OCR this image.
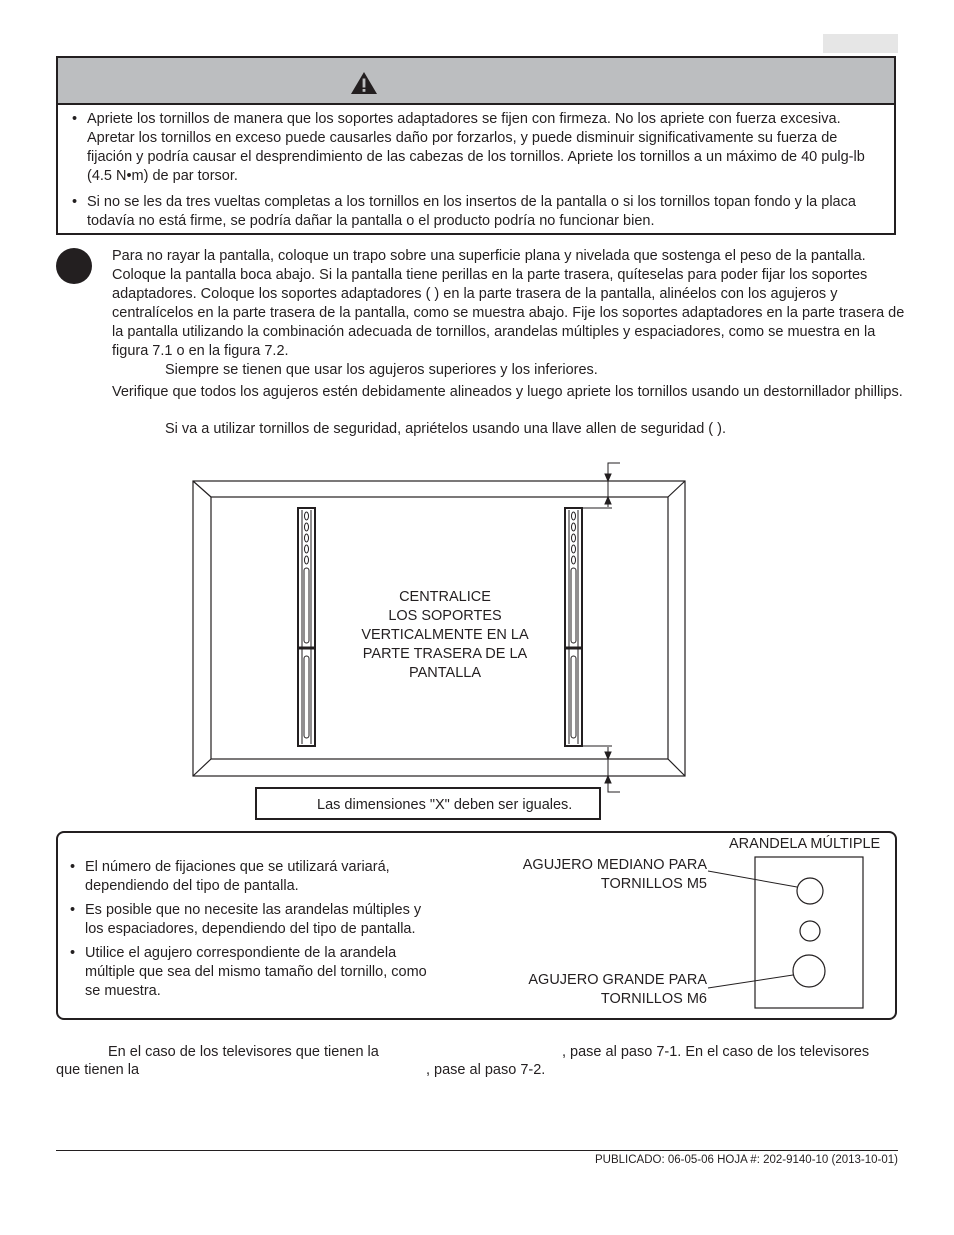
• Apriete los tornillos de manera que los soportes adaptadores se fijen con firmeza. No los apriete con fuerza excesiva. Apretar los tornillos en exceso puede causarles daño por forzarlos, y puede disminuir significativamente su fuerza de fijación y podría causar el desprendimiento de las cabezas de los tornillos. Apriete los tornillos a un máximo de 40 pulg-lb (4.5 N•m) de par torsor.
• Si no se les da tres vueltas completas a los tornillos en los insertos de la pantalla o si los tornillos topan fondo y la placa todavía no está firme, se podría dañar la pantalla o el producto podría no funcionar bien.
Para no rayar la pantalla, coloque un trapo sobre una superficie plana y nivelada que sostenga el peso de la pantalla. Coloque la pantalla boca abajo. Si la pantalla tiene perillas en la parte trasera, quíteselas para poder fijar los soportes adaptadores. Coloque los soportes adaptadores ( ) en la parte trasera de la pantalla, alinéelos con los agujeros y centralícelos en la parte trasera de la pantalla, como se muestra abajo. Fije los soportes adaptadores en la parte trasera de la pantalla utilizando la combinación adecuada de tornillos, arandelas múltiples y espaciadores, como se muestra en la figura 7.1 o en la figura 7.2.
Siempre se tienen que usar los agujeros superiores y los inferiores.
Verifique que todos los agujeros estén debidamente alineados y luego apriete los tornillos usando un destornillador phillips.
Si va a utilizar tornillos de seguridad, apriételos usando una llave allen de seguridad ( ).
CENTRALICE
LOS SOPORTES
VERTICALMENTE EN LA
PARTE TRASERA DE LA
PANTALLA
Las dimensiones "X" deben ser iguales.
• El número de fijaciones que se utilizará variará, dependiendo del tipo de pantalla.
• Es posible que no necesite las arandelas múltiples y los espaciadores, dependiendo del tipo de pantalla.
• Utilice el agujero correspondiente de la arandela múltiple que sea del mismo tamaño del tornillo, como se muestra.
ARANDELA MÚLTIPLE
AGUJERO MEDIANO PARA
TORNILLOS M5
AGUJERO GRANDE PARA
TORNILLOS M6
En el caso de los televisores que tienen la	, pase al paso 7-1. En el caso de los televisores
que tienen la	, pase al paso 7-2.
PUBLICADO: 06-05-06 HOJA #: 202-9140-10 (2013-10-01)
